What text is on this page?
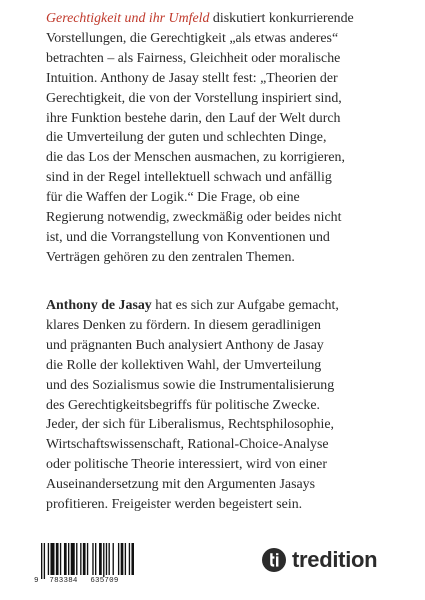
Gerechtigkeit und ihr Umfeld diskutiert konkurrierende
Vorstellungen, die Gerechtigkeit „als etwas anderes“
betrachten – als Fairness, Gleichheit oder moralische
Intuition. Anthony de Jasay stellt fest: „Theorien der
Gerechtigkeit, die von der Vorstellung inspiriert sind,
ihre Funktion bestehe darin, den Lauf der Welt durch
die Umverteilung der guten und schlechten Dinge,
die das Los der Menschen ausmachen, zu korrigieren,
sind in der Regel intellektuell schwach und anfällig
für die Waffen der Logik.“ Die Frage, ob eine
Regierung notwendig, zweckmäßig oder beides nicht
ist, und die Vorrangstellung von Konventionen und
Verträgen gehören zu den zentralen Themen.
Anthony de Jasay hat es sich zur Aufgabe gemacht,
klares Denken zu fördern. In diesem geradlinigen
und prägnanten Buch analysiert Anthony de Jasay
die Rolle der kollektiven Wahl, der Umverteilung
und des Sozialismus sowie die Instrumentalisierung
des Gerechtigkeitsbegriffs für politische Zwecke.
Jeder, der sich für Liberalismus, Rechtsphilosophie,
Wirtschaftswissenschaft, Rational-Choice-Analyse
oder politische Theorie interessiert, wird von einer
Auseinandersetzung mit den Argumenten Jasays
profitieren. Freigeister werden begeistert sein.
9 783384 635709
tredition
